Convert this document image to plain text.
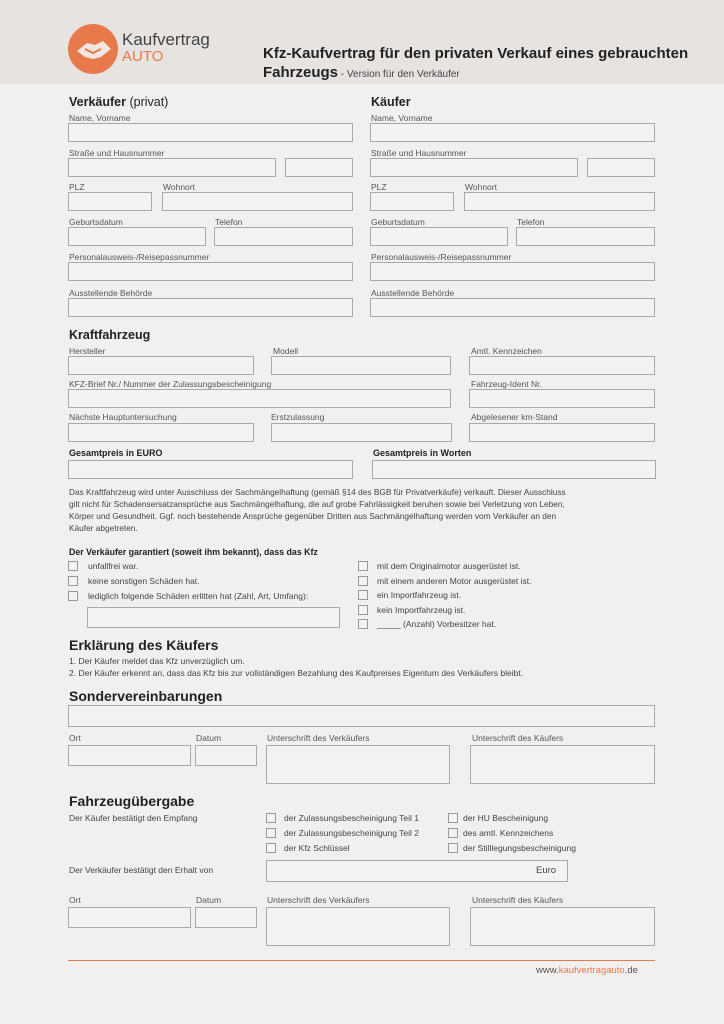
Kaufvertrag
AUTO	Kfz-Kaufvertrag für den privaten Verkauf eines gebrauchten
Fahrzeugs - Version für den Verkäufer
Verkäufer (privat)
Name, Vorname
Straße und Hausnummer
PLZ	Wohnort
Geburtsdatum	Telefon
Personalausweis-/Reisepassnummer
Ausstellende Behörde
Käufer
Name, Vorname
Straße und Hausnummer
PLZ	Wohnort
Geburtsdatum	Telefon
Personalausweis-/Reisepassnummer
Ausstellende Behörde
Kraftfahrzeug
Hersteller	Modell	Amtl. Kennzeichen
KFZ-Brief Nr./ Nummer der Zulassungsbescheinigung	Fahrzeug-Ident Nr.
Nächste Hauptuntersuchung	Erstzulassung	Abgelesener km-Stand
Gesamtpreis in EURO	Gesamtpreis in Worten
Das Kraftfahrzeug wird unter Ausschluss der Sachmängelhaftung (gemäß §14 des BGB für Privatverkäufe) verkauft. Dieser Ausschluss
gilt nicht für Schadensersatzansprüche aus Sachmängelhaftung, die auf grobe Fahrlässigkeit beruhen sowie bei Verletzung von Leben,
Körper und Gesundheit. Ggf. noch bestehende Ansprüche gegenüber Dritten aus Sachmängelhaftung werden vom Verkäufer an den
Käufer abgetreten.
Der Verkäufer garantiert (soweit ihm bekannt), dass das Kfz
unfallfrei war.
keine sonstigen Schäden hat.
lediglich folgende Schäden erlitten hat (Zahl, Art, Umfang):
mit dem Originalmotor ausgerüstet ist.
mit einem anderen Motor ausgerüstet ist.
ein Importfahrzeug ist.
kein Importfahrzeug ist.
_____ (Anzahl) Vorbesitzer hat.
Erklärung des Käufers
1. Der Käufer meldet das Kfz unverzüglich um.
2. Der Käufer erkennt an, dass das Kfz bis zur vollständigen Bezahlung des Kaufpreises Eigentum des Verkäufers bleibt.
Sondervereinbarungen
Ort	Datum	Unterschrift des Verkäufers	Unterschrift des Käufers
Fahrzeugübergabe
Der Käufer bestätigt den Empfang	der Zulassungsbescheinigung Teil 1
der Zulassungsbescheinigung Teil 2
der Kfz Schlüssel
der HU Bescheinigung
des amtl. Kennzeichens
der Stilllegungsbescheinigung
Der Verkäufer bestätigt den Erhalt von	Euro
Ort	Datum	Unterschrift des Verkäufers	Unterschrift des Käufers
www.kaufvertragauto.de
